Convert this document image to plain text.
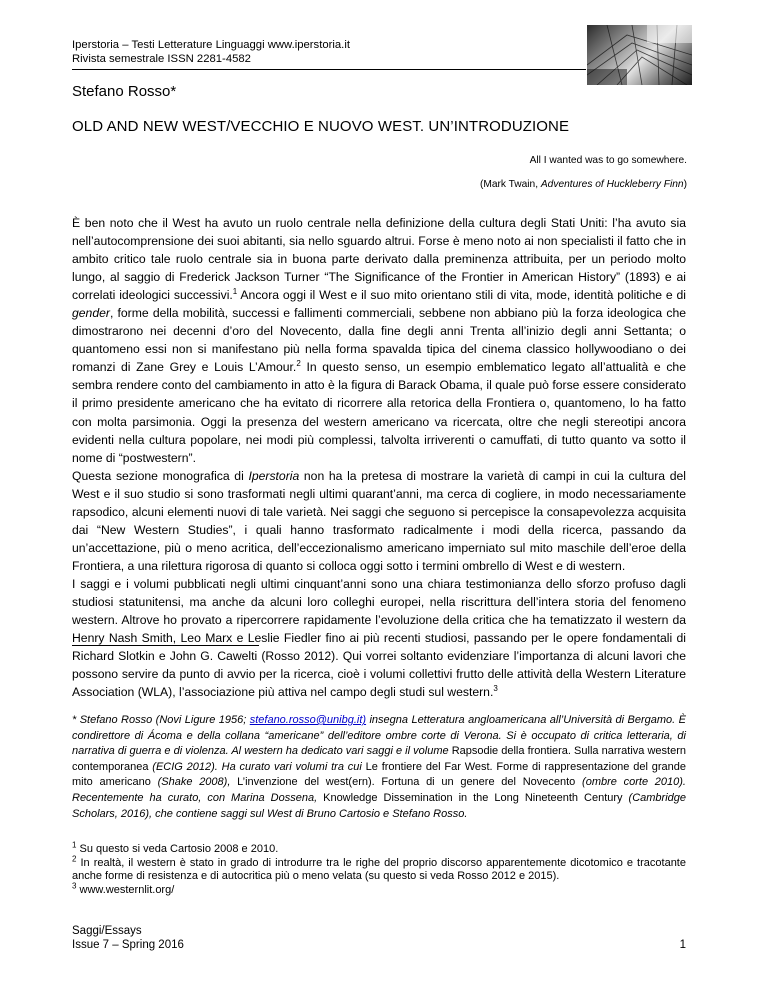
Iperstoria – Testi Letterature Linguaggi www.iperstoria.it
Rivista semestrale ISSN 2281-4582
Stefano Rosso*
OLD AND NEW WEST/VECCHIO E NUOVO WEST. UN’INTRODUZIONE
All I wanted was to go somewhere.
(Mark Twain, Adventures of Huckleberry Finn)

È ben noto che il West ha avuto un ruolo centrale nella definizione della cultura degli Stati Uniti: l’ha avuto sia nell’autocomprensione dei suoi abitanti, sia nello sguardo altrui. Forse è meno noto ai non specialisti il fatto che in ambito critico tale ruolo centrale sia in buona parte derivato dalla preminenza attribuita, per un periodo molto lungo, al saggio di Frederick Jackson Turner “The Significance of the Frontier in American History” (1893) e ai correlati ideologici successivi.$^1$ Ancora oggi il West e il suo mito orientano stili di vita, mode, identità politiche e di gender, forme della mobilità, successi e fallimenti commerciali, sebbene non abbiano più la forza ideologica che dimostrarono nei decenni d’oro del Novecento, dalla fine degli anni Trenta all’inizio degli anni Settanta; o quantomeno essi non si manifestano più nella forma spavalda tipica del cinema classico hollywoodiano o dei romanzi di Zane Grey e Louis L’Amour.$^2$ In questo senso, un esempio emblematico legato all’attualità e che sembra rendere conto del cambiamento in atto è la figura di Barack Obama, il quale può forse essere considerato il primo presidente americano che ha evitato di ricorrere alla retorica della Frontiera o, quantomeno, lo ha fatto con molta parsimonia. Oggi la presenza del western americano va ricercata, oltre che negli stereotipi ancora evidenti nella cultura popolare, nei modi più complessi, talvolta irriverenti o camuffati, di tutto quanto va sotto il nome di “postwestern”.

Questa sezione monografica di Iperstoria non ha la pretesa di mostrare la varietà di campi in cui la cultura del West e il suo studio si sono trasformati negli ultimi quarant’anni, ma cerca di cogliere, in modo necessariamente rapsodico, alcuni elementi nuovi di tale varietà. Nei saggi che seguono si percepisce la consapevolezza acquisita dai “New Western Studies”, i quali hanno trasformato radicalmente i modi della ricerca, passando da un’accettazione, più o meno acritica, dell’eccezionalismo americano imperniato sul mito maschile dell’eroe della Frontiera, a una rilettura rigorosa di quanto si colloca oggi sotto i termini ombrello di West e di western.

I saggi e i volumi pubblicati negli ultimi cinquant’anni sono una chiara testimonianza dello sforzo profuso dagli studiosi statunitensi, ma anche da alcuni loro colleghi europei, nella riscrittura dell’intera storia del fenomeno western. Altrove ho provato a ripercorrere rapidamente l’evoluzione della critica che ha tematizzato il western da Henry Nash Smith, Leo Marx e Leslie Fiedler fino ai più recenti studiosi, passando per le opere fondamentali di Richard Slotkin e John G. Cawelti (Rosso 2012). Qui vorrei soltanto evidenziare l’importanza di alcuni lavori che possono servire da punto di avvio per la ricerca, cioè i volumi collettivi frutto delle attività della Western Literature Association (WLA), l’associazione più attiva nel campo degli studi sul western.$^3$

* Stefano Rosso (Novi Ligure 1956; stefano.rosso@unibg.it) insegna Letteratura angloamericana all’Università di Bergamo. È condirettore di Ácoma e della collana “americane” dell’editore ombre corte di Verona. Si è occupato di critica letteraria, di narrativa di guerra e di violenza. Al western ha dedicato vari saggi e il volume Rapsodie della frontiera. Sulla narrativa western contemporanea (ECIG 2012). Ha curato vari volumi tra cui Le frontiere del Far West. Forme di rappresentazione del grande mito americano (Shake 2008), L’invenzione del west(ern). Fortuna di un genere del Novecento (ombre corte 2010). Recentemente ha curato, con Marina Dossena, Knowledge Dissemination in the Long Nineteenth Century (Cambridge Scholars, 2016), che contiene saggi sul West di Bruno Cartosio e Stefano Rosso.
$^1$ Su questo si veda Cartosio 2008 e 2010.
$^2$ In realtà, il western è stato in grado di introdurre tra le righe del proprio discorso apparentemente dicotomico e tracotante anche forme di resistenza e di autocritica più o meno velata (su questo si veda Rosso 2012 e 2015).
$^3$ www.westernlit.org/
Saggi/Essays
Issue 7 – Spring 2016	1
